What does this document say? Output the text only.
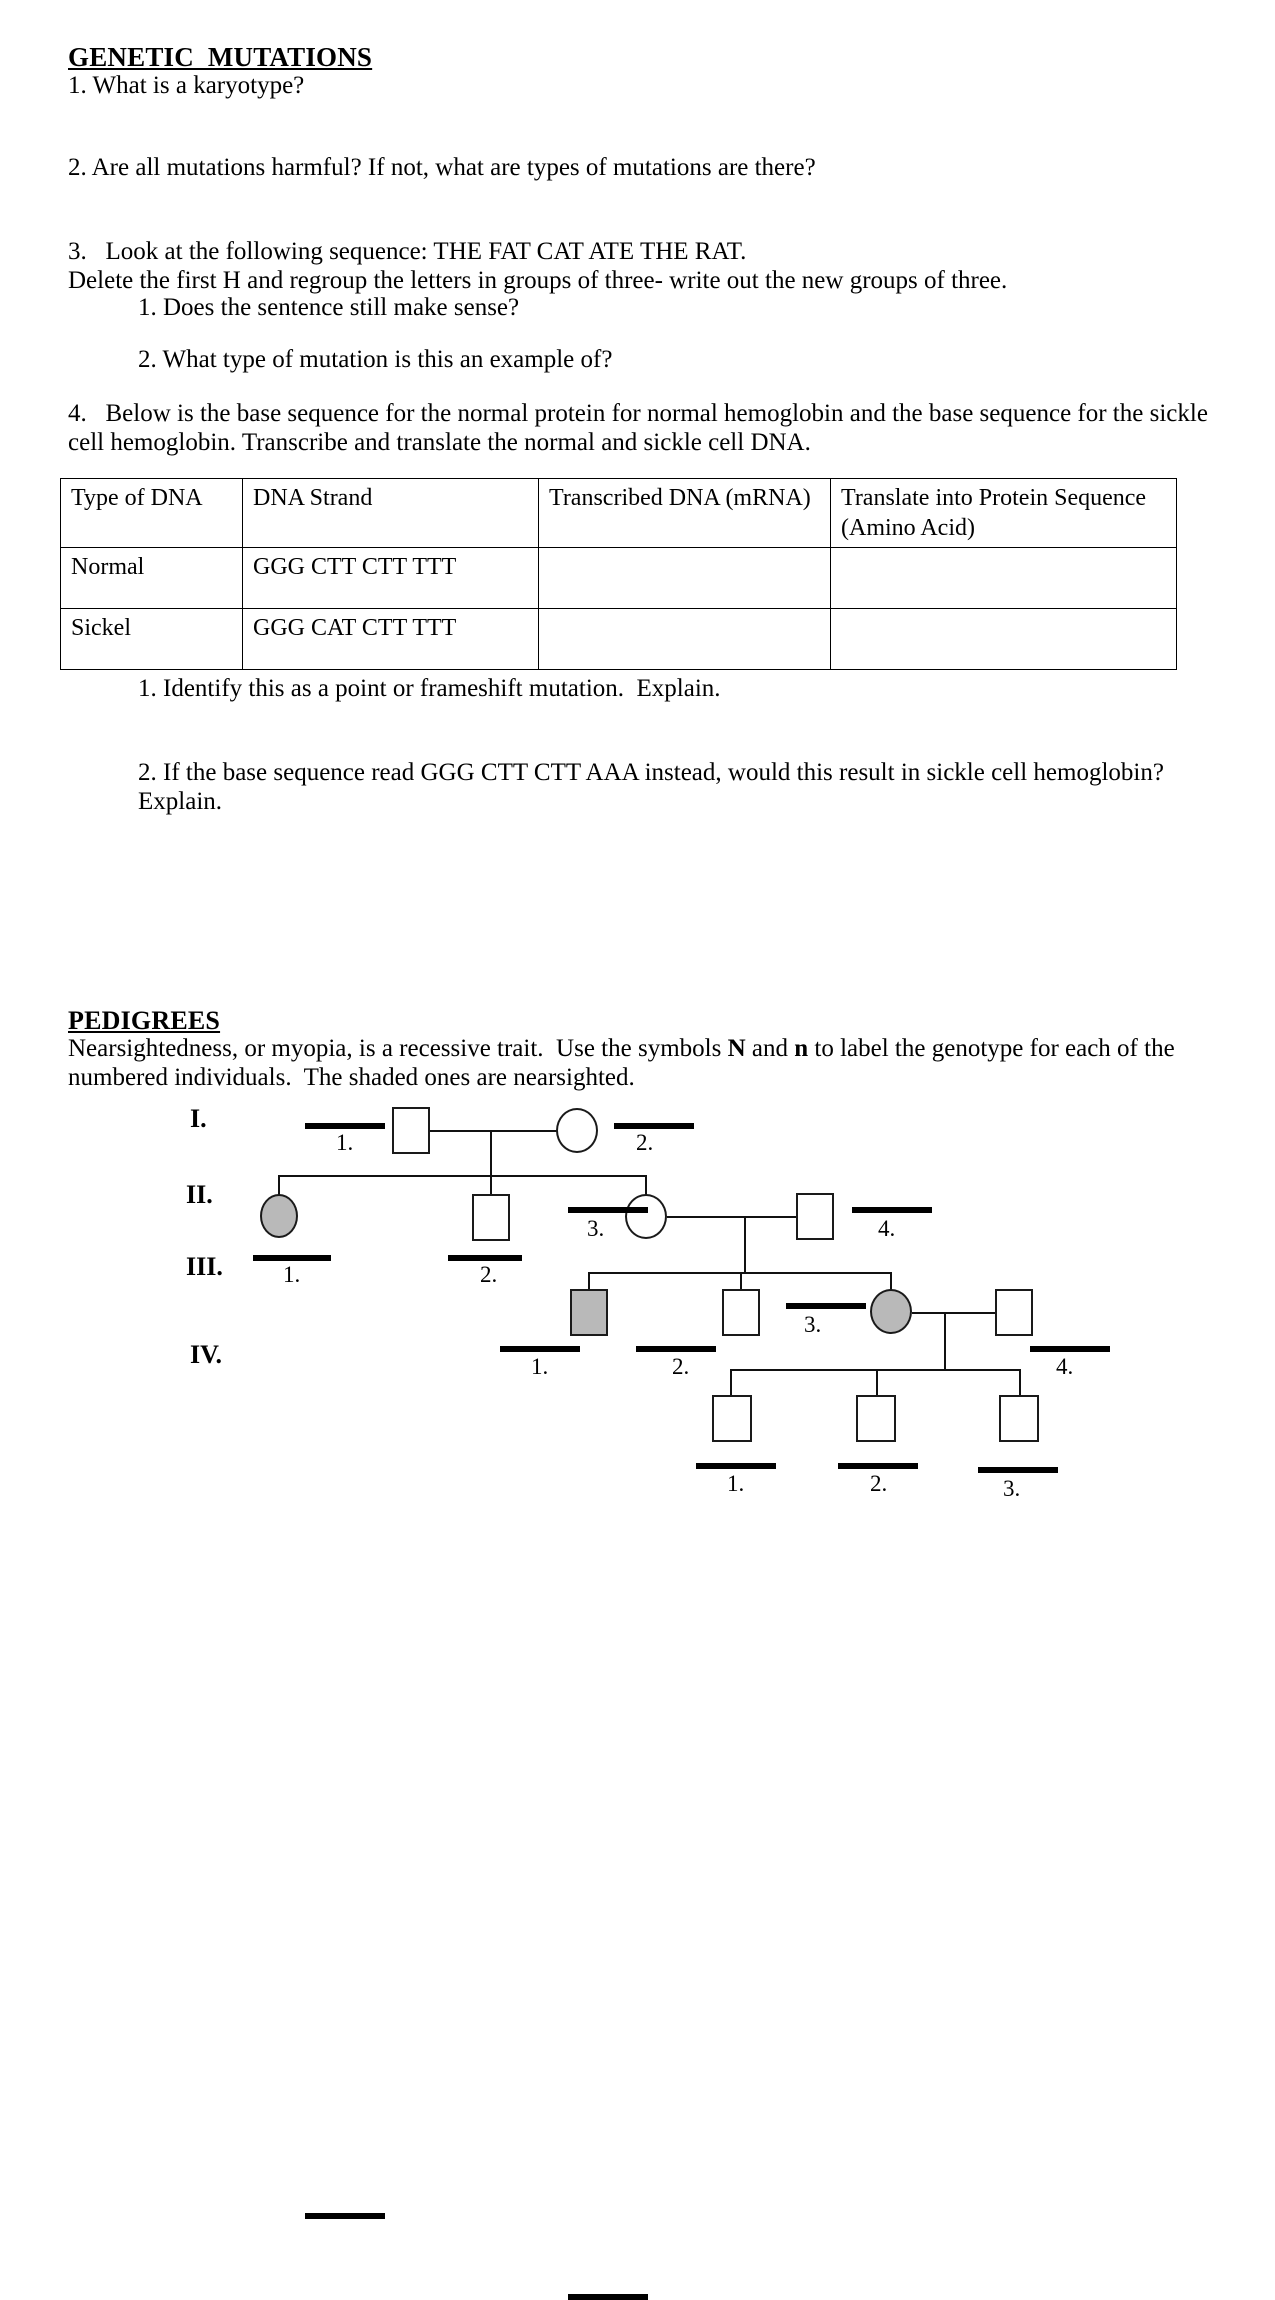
GENETIC  MUTATIONS
1. What is a karyotype?
2. Are all mutations harmful? If not, what are types of mutations are there?
3.   Look at the following sequence: THE FAT CAT ATE THE RAT.
Delete the first H and regroup the letters in groups of three- write out the new groups of three.
1. Does the sentence still make sense?
2. What type of mutation is this an example of?
4.   Below is the base sequence for the normal protein for normal hemoglobin and the base sequence for the sickle
cell hemoglobin. Transcribe and translate the normal and sickle cell DNA.
Type of DNA	DNA Strand	Transcribed DNA (mRNA)	Translate into Protein Sequence (Amino Acid)
Normal	GGG CTT CTT TTT		
Sickel	GGG CAT CTT TTT		
1. Identify this as a point or frameshift mutation.  Explain.
2. If the base sequence read GGG CTT CTT AAA instead, would this result in sickle cell hemoglobin?
Explain.
PEDIGREES
Nearsightedness, or myopia, is a recessive trait.  Use the symbols N and n to label the genotype for each of the
numbered individuals.  The shaded ones are nearsighted.
I.
II.
III.
IV.
1.	2.
3.	4.
1.	2.
3.
4.
1.	2.
1.	2.	3.
